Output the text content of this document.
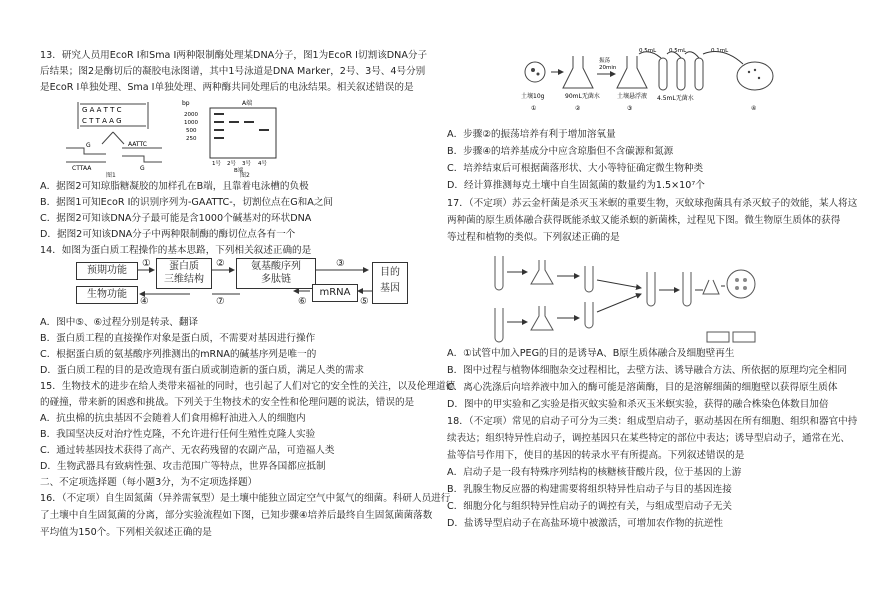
13．研究人员用EcoR I和Sma I两种限制酶处理某DNA分子，图1为EcoR I切割该DNA分子
后结果；图2是酶切后的凝胶电泳图谱，其中1号泳道是DNA Marker，2号、3号、4号分别
是EcoR I单独处理、Sma I单独处理、两种酶共同处理后的电泳结果。相关叙述错误的是
G A A T T C
C T T A A G
G
CTTAA
AATTC
G
图1
bp	A端
2000
1000
500
250
1号 2号 3号 4号
B端
图2
A．据图2可知琼脂糖凝胶的加样孔在B端，且靠着电泳槽的负极
B．据图1可知EcoR I的识别序列为-GAATTC-，切割位点在G和A之间
C．据图2可知该DNA分子最可能是含1000个碱基对的环状DNA
D．据图2可知该DNA分子中两种限制酶的酶切位点各有一个
14．如图为蛋白质工程操作的基本思路，下列相关叙述正确的是
预期功能	蛋白质
三维结构
氨基酸序列
多肽链
目的
基因
生物功能	mRNA
①	②	③
④	⑤
⑥
⑦
A．图中⑤、⑥过程分别是转录、翻译
B．蛋白质工程的直接操作对象是蛋白质，不需要对基因进行操作
C．根据蛋白质的氨基酸序列推测出的mRNA的碱基序列是唯一的
D．蛋白质工程的目的是改造现有蛋白质或制造新的蛋白质，满足人类的需求
15．生物技术的进步在给人类带来福祉的同时，也引起了人们对它的安全性的关注，以及伦理道德
的碰撞，带来新的困惑和挑战。下列关于生物技术的安全性和伦理问题的说法，错误的是
A．抗虫棉的抗虫基因不会随着人们食用棉籽油进入人的细胞内
B．我国坚决反对治疗性克隆，不允许进行任何生殖性克隆人实验
C．通过转基因技术获得了高产、无农药残留的农副产品，可造福人类
D．生物武器具有致病性强、攻击范围广等特点，世界各国都应抵制
二、不定项选择题（每小题3分，为不定项选择题）
16．（不定项）自生固氮菌（异养需氧型）是土壤中能独立固定空气中氮气的细菌。科研人员进行
了土壤中自生固氮菌的分离，部分实验流程如下图，已知步骤④培养后最终自生固氮菌菌落数
平均值为150个。下列相关叙述正确的是
土壤10g	90mL无菌水
振荡
20min
土壤悬浮液
0.5mL 0.5mL	0.1mL
4.5mL无菌水
①	②	③	④
A．步骤②的振荡培养有利于增加溶氧量
B．步骤④的培养基成分中应含琼脂但不含碳源和氮源
C．培养结束后可根据菌落形状、大小等特征确定微生物种类
D．经计算推测每克土壤中自生固氮菌的数量约为1.5×10⁷个
17．（不定项）苏云金杆菌是杀灭玉米螟的重要生物，灭蚊球孢菌具有杀灭蚊子的效能，某人将这
两种菌的原生质体融合获得既能杀蚊又能杀螟的新菌株，过程见下图。微生物原生质体的获得
等过程和植物的类似。下列叙述正确的是
A．①试管中加入PEG的目的是诱导A、B原生质体融合及细胞壁再生
B．图中过程与植物体细胞杂交过程相比，去壁方法、诱导融合方法、所依据的原理均完全相同
C．离心洗涤后向培养液中加入的酶可能是溶菌酶，目的是溶解细菌的细胞壁以获得原生质体
D．图中的甲实验和乙实验是指灭蚊实验和杀灭玉米螟实验，获得的融合株染色体数目加倍
18．（不定项）常见的启动子可分为三类：组成型启动子，驱动基因在所有细胞、组织和器官中持
续表达；组织特异性启动子，调控基因只在某些特定的部位中表达；诱导型启动子，通常在光、
盐等信号作用下，使目的基因的转录水平有所提高。下列叙述错误的是
A．启动子是一段有特殊序列结构的核糖核苷酸片段，位于基因的上游
B．乳腺生物反应器的构建需要将组织特异性启动子与目的基因连接
C．细胞分化与组织特异性启动子的调控有关，与组成型启动子无关
D．盐诱导型启动子在高盐环境中被激活，可增加农作物的抗逆性
